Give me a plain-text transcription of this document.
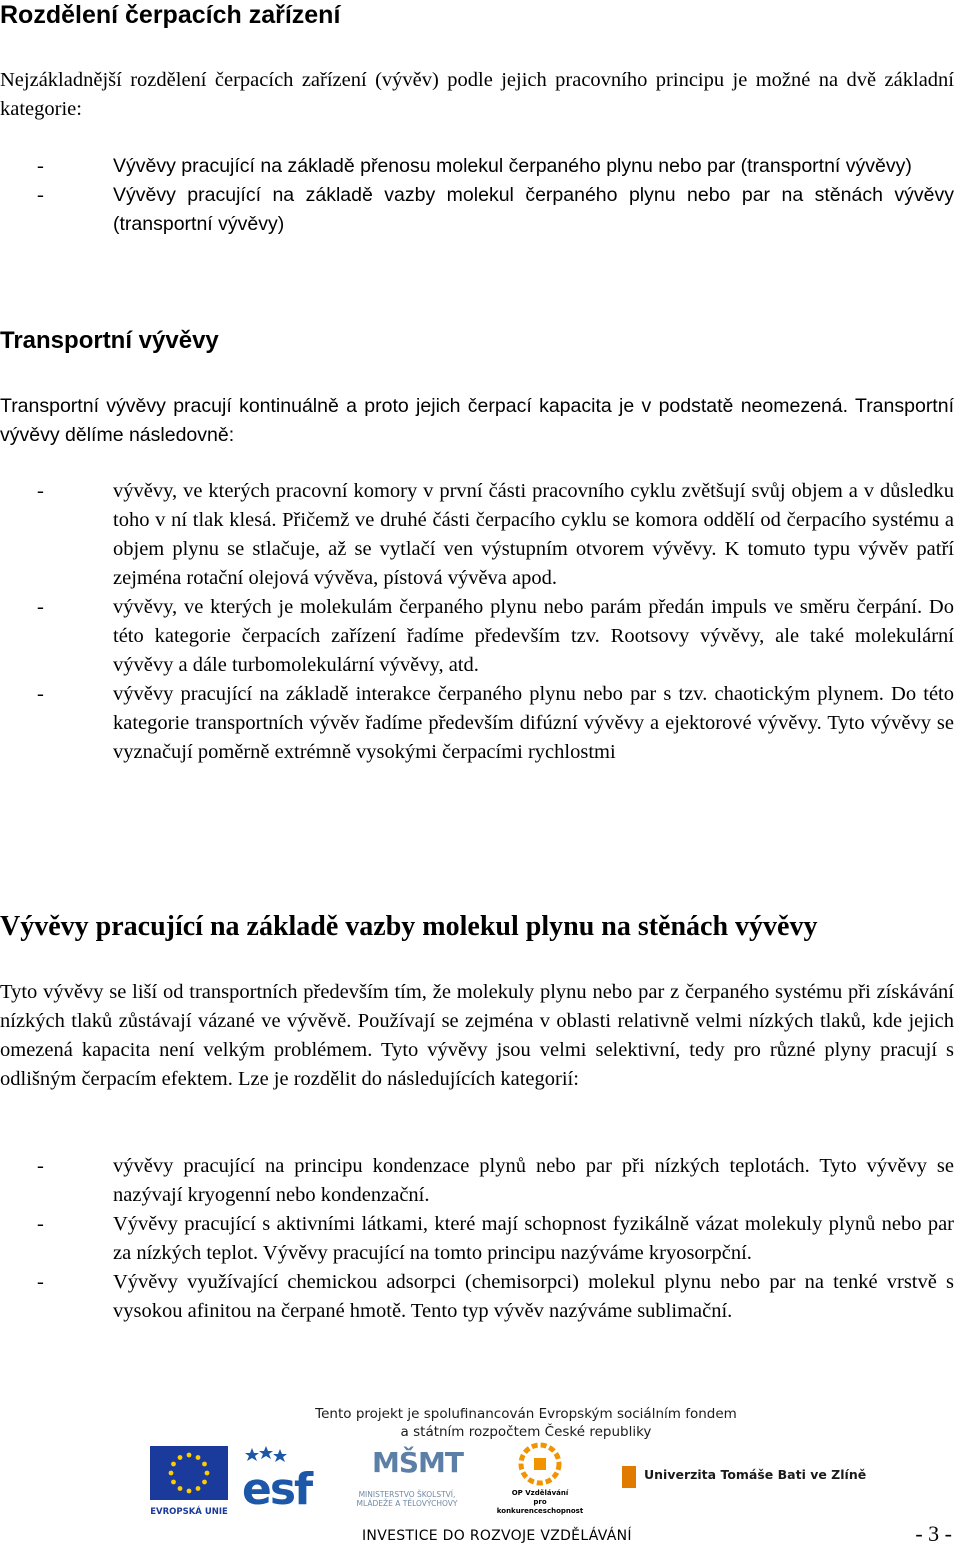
Rozdělení čerpacích zařízení

Nejzákladnější rozdělení čerpacích zařízení (vývěv) podle jejich pracovního principu je možné na dvě základní kategorie:

-	Vývěvy pracující na základě přenosu molekul čerpaného plynu nebo par (transportní vývěvy)
-	Vývěvy pracující na základě vazby molekul čerpaného plynu nebo par na stěnách vývěvy (transportní vývěvy)
Transportní vývěvy

Transportní vývěvy pracují kontinuálně a proto jejich čerpací kapacita je v podstatě neomezená. Transportní vývěvy dělíme následovně:

-	vývěvy, ve kterých pracovní komory v první části pracovního cyklu zvětšují svůj objem a v důsledku toho v ní tlak klesá. Přičemž ve druhé části čerpacího cyklu se komora oddělí od čerpacího systému a objem plynu se stlačuje, až se vytlačí ven výstupním otvorem vývěvy. K tomuto typu vývěv patří zejména rotační olejová vývěva, pístová vývěva apod.
-	vývěvy, ve kterých je molekulám čerpaného plynu nebo parám předán impuls ve směru čerpání. Do této kategorie čerpacích zařízení řadíme především tzv. Rootsovy vývěvy, ale také molekulární vývěvy a dále turbomolekulární vývěvy, atd.
-	vývěvy pracující na základě interakce čerpaného plynu nebo par s tzv. chaotickým plynem. Do této kategorie transportních vývěv řadíme především difúzní vývěvy a ejektorové vývěvy. Tyto vývěvy se vyznačují poměrně extrémně vysokými čerpacími rychlostmi
Vývěvy pracující na základě vazby molekul plynu na stěnách vývěvy

Tyto vývěvy se liší od transportních především tím, že molekuly plynu nebo par z čerpaného systému při získávání nízkých tlaků zůstávají vázané ve vývěvě. Používají se zejména v oblasti relativně velmi nízkých tlaků, kde jejich omezená kapacita není velkým problémem. Tyto vývěvy jsou velmi selektivní, tedy pro různé plyny pracují s odlišným čerpacím efektem. Lze je rozdělit do následujících kategorií:

-	vývěvy pracující na principu kondenzace plynů nebo par při nízkých teplotách. Tyto vývěvy se nazývají kryogenní nebo kondenzační.
-	Vývěvy pracující s aktivními látkami, které mají schopnost fyzikálně vázat molekuly plynů nebo par za nízkých teplot. Vývěvy pracující na tomto principu nazýváme kryosorpční.
-	Vývěvy využívající chemickou adsorpci (chemisorpci) molekul plynu nebo par na tenké vrstvě s vysokou afinitou na čerpané hmotě. Tento typ vývěv nazýváme sublimační.
Tento projekt je spolufinancován Evropským sociálním fondem
a státním rozpočtem České republiky
EVROPSKÁ UNIE esf
MŠMT
MINISTERSTVO ŠKOLSTVÍ,
MLÁDEŽE A TĚLOVÝCHOVY
OP Vzdělávání
pro konkurenceschopnost
Univerzita Tomáše Bati ve Zlíně
INVESTICE DO ROZVOJE VZDĚLÁVÁNÍ	- 3 -
